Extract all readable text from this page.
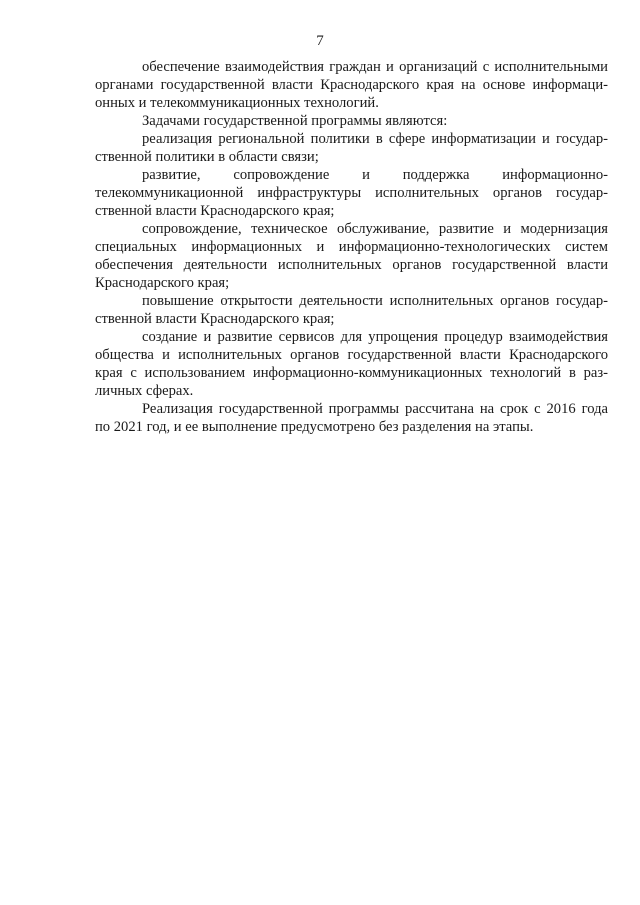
7

обеспечение взаимодействия граждан и организаций с исполнительными
органами государственной власти Краснодарского края на основе информаци-
онных и телекоммуникационных технологий.

Задачами государственной программы являются:

реализация региональной политики в сфере информатизации и государ-
ственной политики в области связи;

развитие, сопровождение и поддержка информационно-
телекоммуникационной инфраструктуры исполнительных органов государ-
ственной власти Краснодарского края;

сопровождение, техническое обслуживание, развитие и модернизация
специальных информационных и информационно-технологических систем
обеспечения деятельности исполнительных органов государственной власти
Краснодарского края;

повышение открытости деятельности исполнительных органов государ-
ственной власти Краснодарского края;

создание и развитие сервисов для упрощения процедур взаимодействия
общества и исполнительных органов государственной власти Краснодарского
края с использованием информационно-коммуникационных технологий в раз-
личных сферах.

Реализация государственной программы рассчитана на срок с 2016 года
по 2021 год, и ее выполнение предусмотрено без разделения на этапы.
